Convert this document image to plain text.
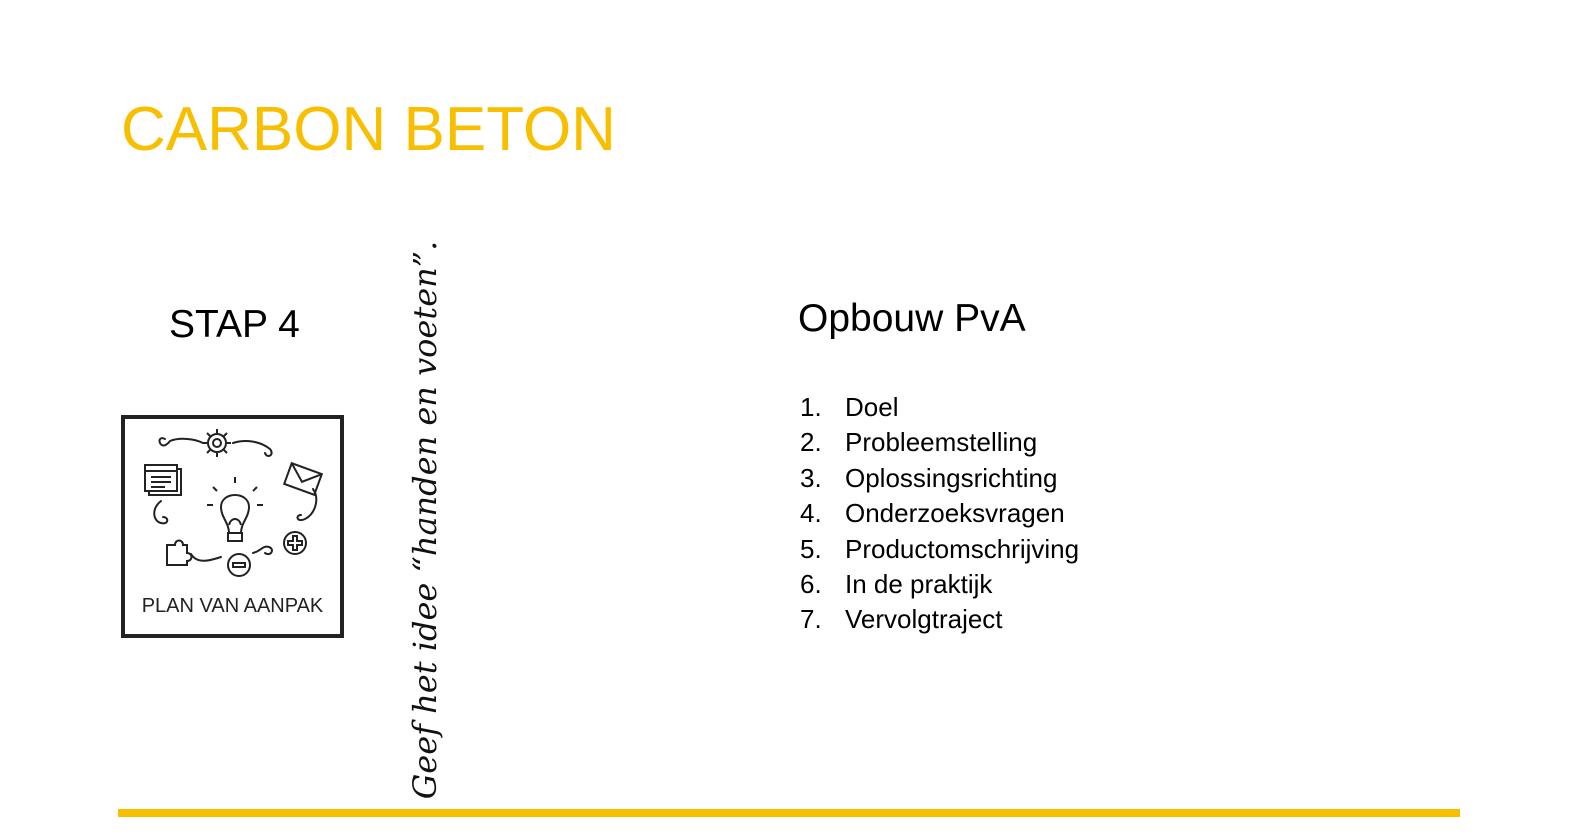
CARBON BETON
STAP 4
PLAN VAN AANPAK	Geef het idee “handen en voeten”.	Opbouw PvA
1. Doel
2. Probleemstelling
3. Oplossingsrichting
4. Onderzoeksvragen
5. Productomschrijving
6. In de praktijk
7. Vervolgtraject
